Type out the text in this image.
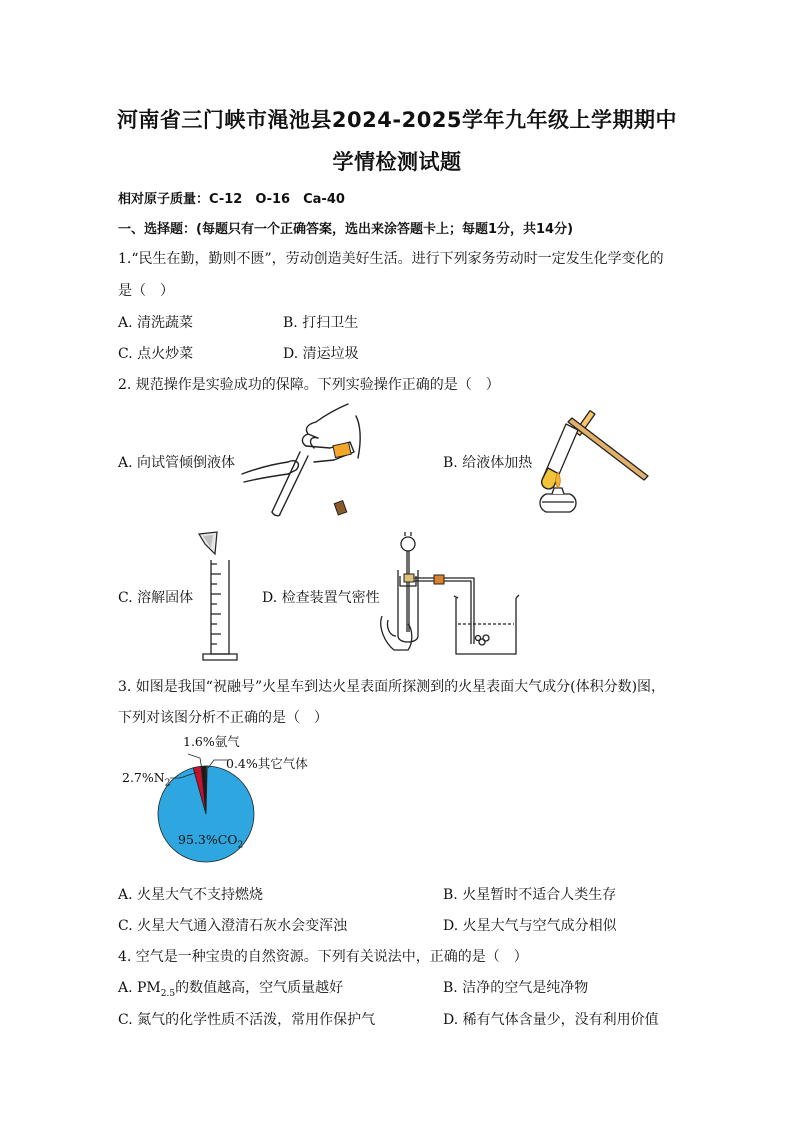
河南省三门峡市渑池县2024-2025学年九年级上学期期中
学情检测试题
相对原子质量：C-12　O-16　Ca-40
一、选择题：(每题只有一个正确答案，选出来涂答题卡上；每题1分，共14分)
1.“民生在勤，勤则不匮”，劳动创造美好生活。进行下列家务劳动时一定发生化学变化的
是（　）
A. 清洗蔬菜	B. 打扫卫生
C. 点火炒菜	D. 清运垃圾
2. 规范操作是实验成功的保障。下列实验操作正确的是（　）
A. 向试管倾倒液体	B. 给液体加热
C. 溶解固体	D. 检查装置气密性
3. 如图是我国“祝融号”火星车到达火星表面所探测到的火星表面大气成分(体积分数)图，
下列对该图分析不正确的是（　）
1.6%氩气
0.4%其它气体
$2.7\%N_2$
$95.3\%CO_2$
A. 火星大气不支持燃烧	B. 火星暂时不适合人类生存
C. 火星大气通入澄清石灰水会变浑浊	D. 火星大气与空气成分相似
4. 空气是一种宝贵的自然资源。下列有关说法中，正确的是（　）
A. $PM_{2.5}$的数值越高，空气质量越好	B. 洁净的空气是纯净物
C. 氮气的化学性质不活泼，常用作保护气	D. 稀有气体含量少，没有利用价值
